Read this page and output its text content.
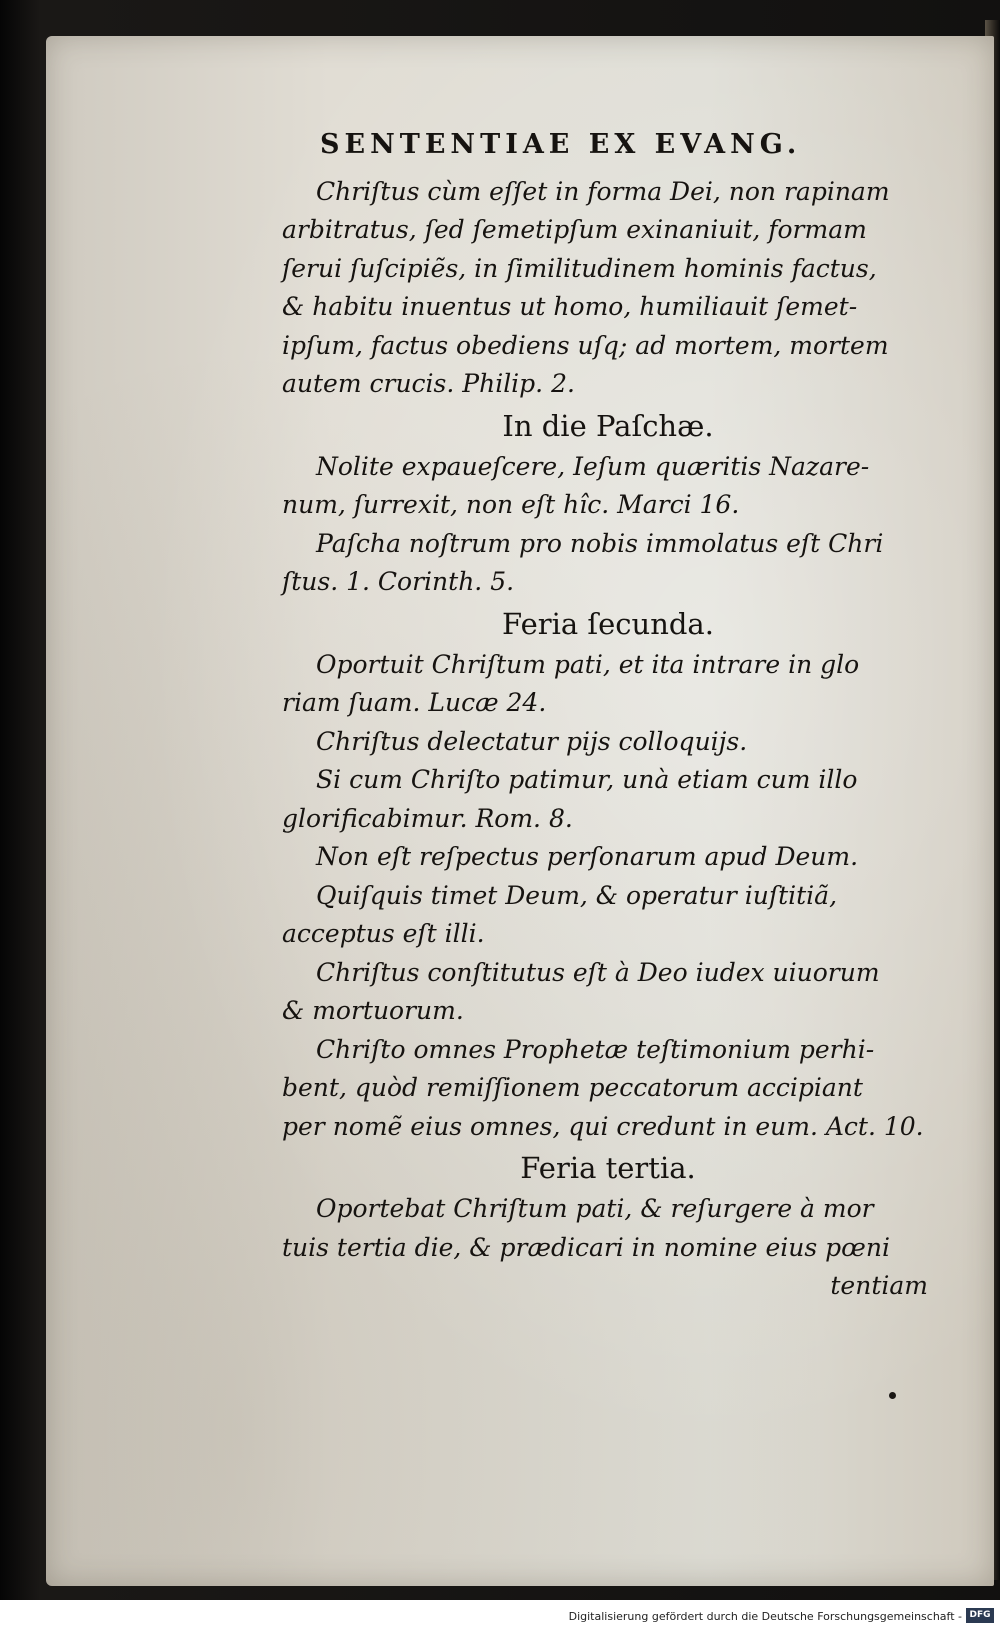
SENTENTIAE EX EVANG.

Chriſtus cùm eſſet in forma Dei, non rapinam
arbitratus, ſed ſemetipſum exinaniuit, formam
ſerui ſuſcipiẽs, in ſimilitudinem hominis factus,
& habitu inuentus ut homo, humiliauit ſemet-
ipſum, factus obediens uſq; ad mortem, mortem
autem crucis. Philip. 2.

In die Paſchæ.

Nolite expaueſcere, Ieſum quæritis Nazare-
num, ſurrexit, non eſt hîc. Marci 16.

Paſcha noſtrum pro nobis immolatus eſt Chri
ſtus. 1. Corinth. 5.

Feria ſecunda.

Oportuit Chriſtum pati, et ita intrare in glo
riam ſuam. Lucæ 24.

Chriſtus delectatur pijs colloquijs.

Si cum Chriſto patimur, unà etiam cum illo
glorificabimur. Rom. 8.

Non eſt reſpectus perſonarum apud Deum.

Quiſquis timet Deum, & operatur iuſtitiã,
acceptus eſt illi.

Chriſtus conſtitutus eſt à Deo iudex uiuorum
& mortuorum.

Chriſto omnes Prophetæ teſtimonium perhi-
bent, quòd remiſſionem peccatorum accipiant
per nomẽ eius omnes, qui credunt in eum. Act. 10.

Feria tertia.

Oportebat Chriſtum pati, & reſurgere à mor
tuis tertia die, & prædicari in nomine eius pœni

tentiam
Digitalisierung gefördert durch die Deutsche Forschungsgemeinschaft - DFG
